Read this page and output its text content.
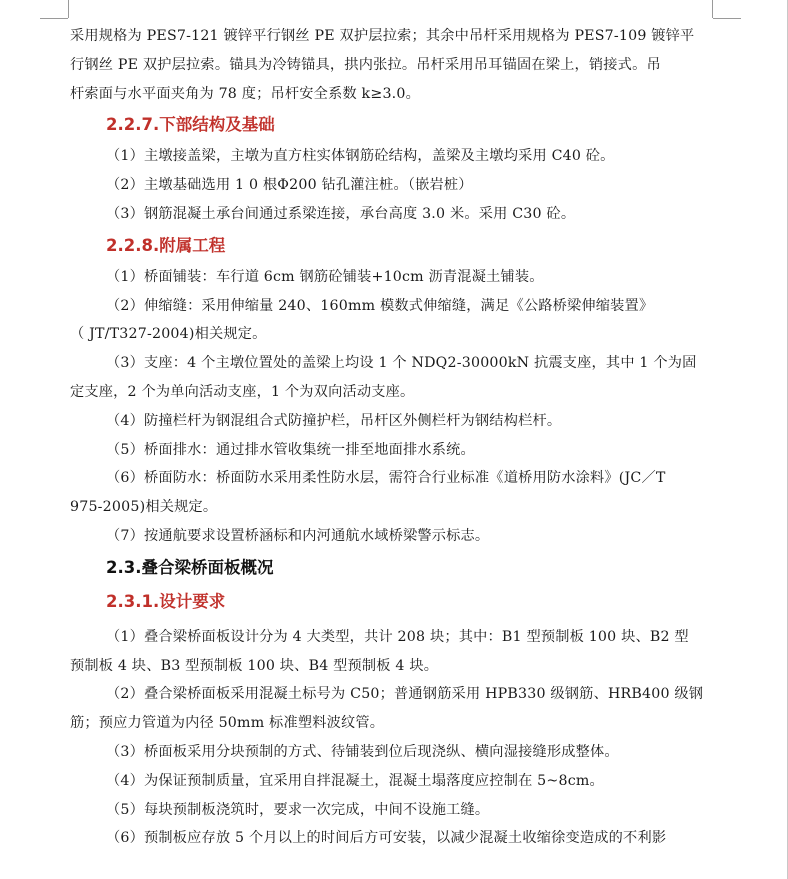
采用规格为 PES7-121 镀锌平行钢丝 PE 双护层拉索；其余中吊杆采用规格为 PES7-109 镀锌平

行钢丝 PE 双护层拉索。锚具为冷铸锚具，拱内张拉。吊杆采用吊耳锚固在梁上，销接式。吊

杆索面与水平面夹角为 78 度；吊杆安全系数 k≥3.0。

2.2.7.下部结构及基础

（1）主墩接盖梁，主墩为直方柱实体钢筋砼结构，盖梁及主墩均采用 C40 砼。

（2）主墩基础选用 1 0 根Φ200 钻孔灌注桩。（嵌岩桩）

（3）钢筋混凝土承台间通过系梁连接，承台高度 3.0 米。采用 C30 砼。

2.2.8.附属工程

（1）桥面铺装：车行道 6cm 钢筋砼铺装+10cm 沥青混凝土铺装。

（2）伸缩缝：采用伸缩量 240、160mm 模数式伸缩缝，满足《公路桥梁伸缩装置》

（ JT/T327-2004)相关规定。

（3）支座：4 个主墩位置处的盖梁上均设 1 个 NDQ2-30000kN 抗震支座，其中 1 个为固

定支座，2 个为单向活动支座，1 个为双向活动支座。

（4）防撞栏杆为钢混组合式防撞护栏，吊杆区外侧栏杆为钢结构栏杆。

（5）桥面排水：通过排水管收集统一排至地面排水系统。

（6）桥面防水：桥面防水采用柔性防水层，需符合行业标准《道桥用防水涂料》(JC／T

975-2005)相关规定。

（7）按通航要求设置桥涵标和内河通航水域桥梁警示标志。

2.3.叠合梁桥面板概况
2.3.1.设计要求

（1）叠合梁桥面板设计分为 4 大类型，共计 208 块；其中：B1 型预制板 100 块、B2 型

预制板 4 块、B3 型预制板 100 块、B4 型预制板 4 块。

（2）叠合梁桥面板采用混凝土标号为 C50；普通钢筋采用 HPB330 级钢筋、HRB400 级钢

筋；预应力管道为内径 50mm 标准塑料波纹管。

（3）桥面板采用分块预制的方式、待铺装到位后现浇纵、横向湿接缝形成整体。

（4）为保证预制质量，宜采用自拌混凝土，混凝土塌落度应控制在 5~8cm。

（5）每块预制板浇筑时，要求一次完成，中间不设施工缝。

（6）预制板应存放 5 个月以上的时间后方可安装，以减少混凝土收缩徐变造成的不利影
